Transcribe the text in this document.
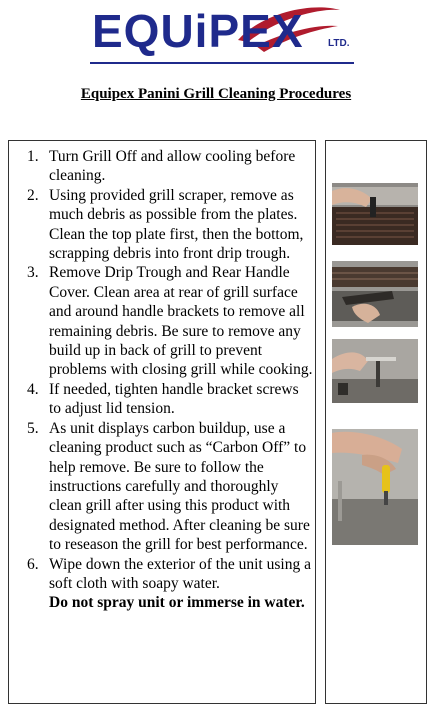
EQUiPEX LTD.
Equipex Panini Grill Cleaning Procedures
1. Turn Grill Off and allow cooling before cleaning.
2. Using provided grill scraper, remove as much debris as possible from the plates. Clean the top plate first, then the bottom, scrapping debris into front drip trough.
3. Remove Drip Trough and Rear Handle Cover. Clean area at rear of grill surface and around handle brackets to remove all remaining debris. Be sure to remove any build up in back of grill to prevent problems with closing grill while cooking.
4. If needed, tighten handle bracket screws to adjust lid tension.
5. As unit displays carbon buildup, use a cleaning product such as “Carbon Off” to help remove. Be sure to follow the instructions carefully and thoroughly clean grill after using this product with designated method. After cleaning be sure to reseason the grill for best performance.
6. Wipe down the exterior of the unit using a soft cloth with soapy water.
Do not spray unit or immerse in water.
